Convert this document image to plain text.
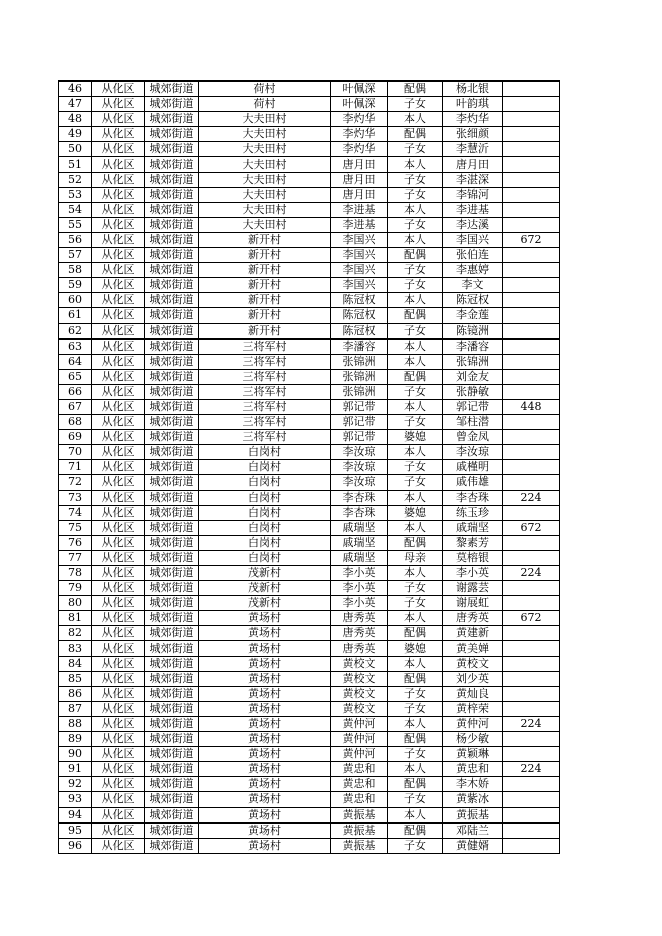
46	从化区	城郊街道	荷村	叶佩深	配偶	杨北银	
47	从化区	城郊街道	荷村	叶佩深	子女	叶韵琪	
48	从化区	城郊街道	大夫田村	李灼华	本人	李灼华	
49	从化区	城郊街道	大夫田村	李灼华	配偶	张细颜	
50	从化区	城郊街道	大夫田村	李灼华	子女	李慧沂	
51	从化区	城郊街道	大夫田村	唐月田	本人	唐月田	
52	从化区	城郊街道	大夫田村	唐月田	子女	李湛深	
53	从化区	城郊街道	大夫田村	唐月田	子女	李锦河	
54	从化区	城郊街道	大夫田村	李进基	本人	李进基	
55	从化区	城郊街道	大夫田村	李进基	子女	李达溪	
56	从化区	城郊街道	新开村	李国兴	本人	李国兴	672
57	从化区	城郊街道	新开村	李国兴	配偶	张伯连	
58	从化区	城郊街道	新开村	李国兴	子女	李惠婷	
59	从化区	城郊街道	新开村	李国兴	子女	李文	
60	从化区	城郊街道	新开村	陈冠权	本人	陈冠权	
61	从化区	城郊街道	新开村	陈冠权	配偶	李金莲	
62	从化区	城郊街道	新开村	陈冠权	子女	陈镜洲	
63	从化区	城郊街道	三将军村	李潘容	本人	李潘容	
64	从化区	城郊街道	三将军村	张锦洲	本人	张锦洲	
65	从化区	城郊街道	三将军村	张锦洲	配偶	刘金友	
66	从化区	城郊街道	三将军村	张锦洲	子女	张静敏	
67	从化区	城郊街道	三将军村	郭记带	本人	郭记带	448
68	从化区	城郊街道	三将军村	郭记带	子女	邹柱潜	
69	从化区	城郊街道	三将军村	郭记带	婆媳	曾金凤	
70	从化区	城郊街道	白岗村	李汝琼	本人	李汝琼	
71	从化区	城郊街道	白岗村	李汝琼	子女	戚槿明	
72	从化区	城郊街道	白岗村	李汝琼	子女	戚伟雄	
73	从化区	城郊街道	白岗村	李杏珠	本人	李杏珠	224
74	从化区	城郊街道	白岗村	李杏珠	婆媳	练玉珍	
75	从化区	城郊街道	白岗村	戚瑞坚	本人	戚瑞坚	672
76	从化区	城郊街道	白岗村	戚瑞坚	配偶	黎素芳	
77	从化区	城郊街道	白岗村	戚瑞坚	母亲	莫榕银	
78	从化区	城郊街道	茂新村	李小英	本人	李小英	224
79	从化区	城郊街道	茂新村	李小英	子女	谢露芸	
80	从化区	城郊街道	茂新村	李小英	子女	谢展虹	
81	从化区	城郊街道	黄场村	唐秀英	本人	唐秀英	672
82	从化区	城郊街道	黄场村	唐秀英	配偶	黄建新	
83	从化区	城郊街道	黄场村	唐秀英	婆媳	黄美婵	
84	从化区	城郊街道	黄场村	黄校文	本人	黄校文	
85	从化区	城郊街道	黄场村	黄校文	配偶	刘少英	
86	从化区	城郊街道	黄场村	黄校文	子女	黄灿良	
87	从化区	城郊街道	黄场村	黄校文	子女	黄梓荣	
88	从化区	城郊街道	黄场村	黄仲河	本人	黄仲河	224
89	从化区	城郊街道	黄场村	黄仲河	配偶	杨少敏	
90	从化区	城郊街道	黄场村	黄仲河	子女	黄颖琳	
91	从化区	城郊街道	黄场村	黄忠和	本人	黄忠和	224
92	从化区	城郊街道	黄场村	黄忠和	配偶	李木娇	
93	从化区	城郊街道	黄场村	黄忠和	子女	黄紫冰	
94	从化区	城郊街道	黄场村	黄振基	本人	黄振基	
95	从化区	城郊街道	黄场村	黄振基	配偶	邓陆兰	
96	从化区	城郊街道	黄场村	黄振基	子女	黄健婿	
